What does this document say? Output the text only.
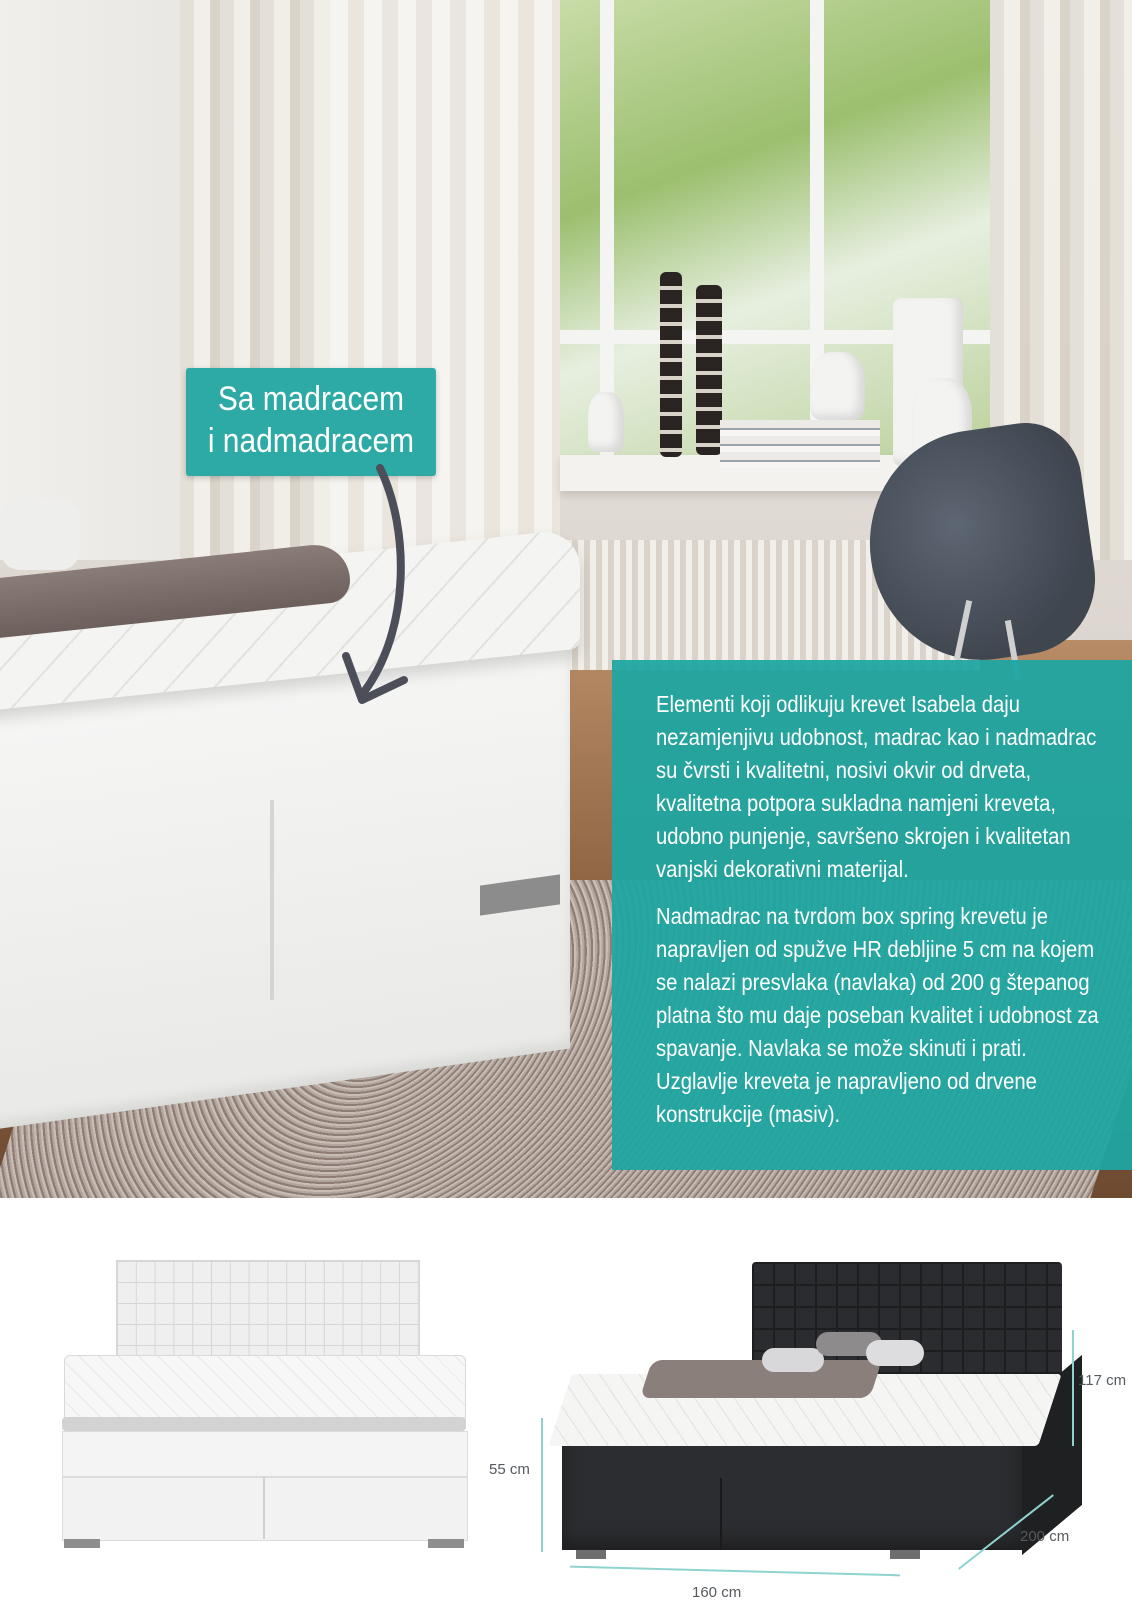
Sa madracem
i nadmadracem

Elementi koji odlikuju krevet Isabela daju nezamjenjivu udobnost, madrac kao i nadmadrac su čvrsti i kvalitetni, nosivi okvir od drveta, kvalitetna potpora sukladna namjeni kreveta, udobno punjenje, savršeno skrojen i kvalitetan vanjski dekorativni materijal.

Nadmadrac na tvrdom box spring krevetu je napravljen od spužve HR debljine 5 cm na kojem se nalazi presvlaka (navlaka) od 200 g štepanog platna što mu daje poseban kvalitet i udobnost za spavanje. Navlaka se može skinuti i prati. Uzglavlje kreveta je napravljeno od drvene konstrukcije (masiv).

117 cm
55 cm
160 cm
200 cm
